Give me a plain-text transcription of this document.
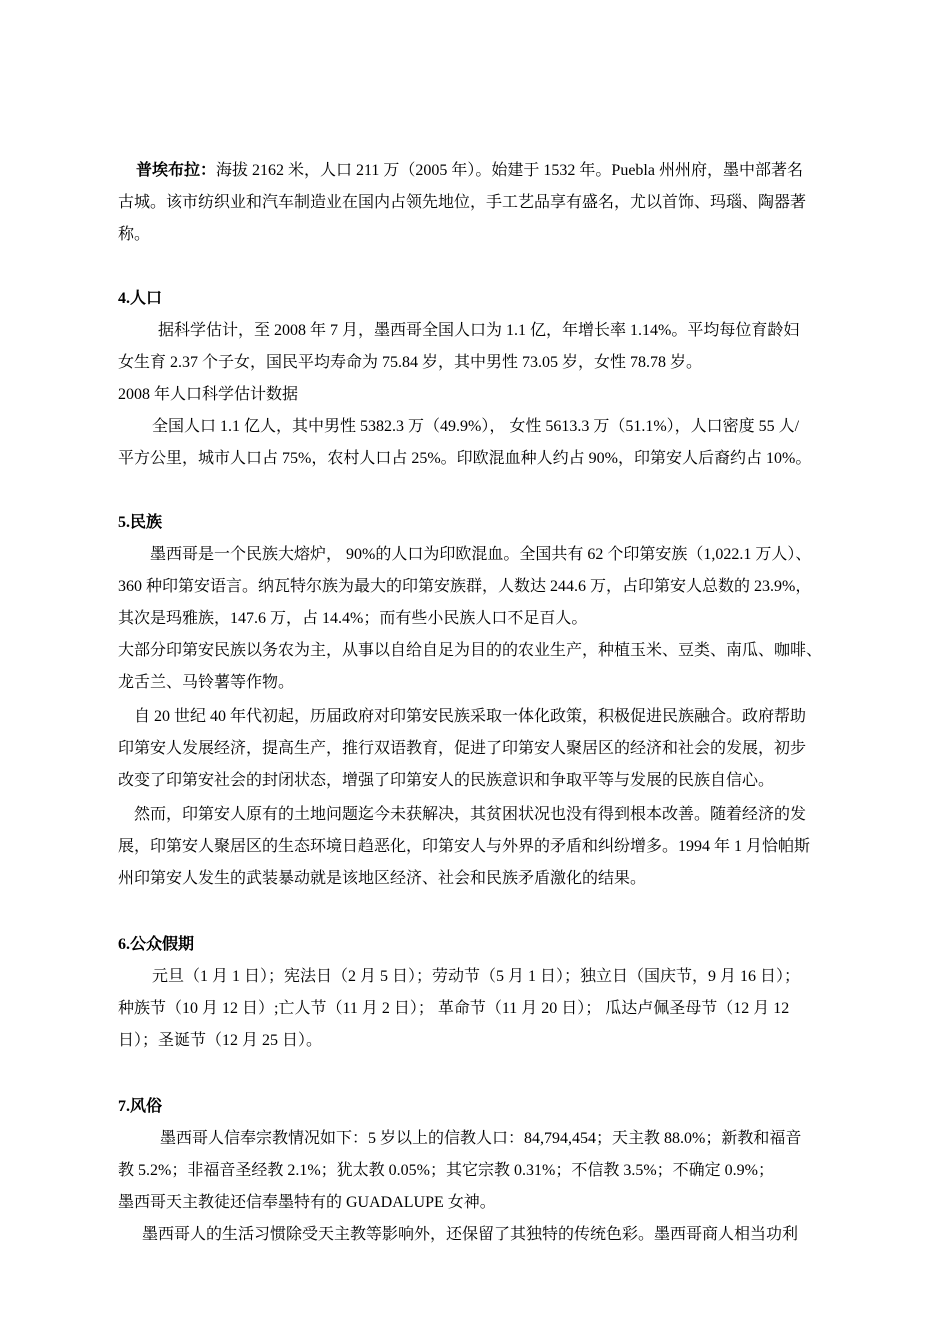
普埃布拉：海拔 2162 米，人口 211 万（2005 年）。始建于 1532 年。Puebla 州州府，墨中部著名
古城。该市纺织业和汽车制造业在国内占领先地位，手工艺品享有盛名，尤以首饰、玛瑙、陶器著
称。
4.人口
据科学估计，至 2008 年 7 月，墨西哥全国人口为 1.1 亿，年增长率 1.14%。平均每位育龄妇
女生育 2.37 个子女，国民平均寿命为 75.84 岁，其中男性 73.05 岁，女性 78.78 岁。
2008 年人口科学估计数据
全国人口 1.1 亿人，其中男性 5382.3 万（49.9%）， 女性 5613.3 万（51.1%），人口密度 55 人/
平方公里，城市人口占 75%，农村人口占 25%。印欧混血种人约占 90%，印第安人后裔约占 10%。
5.民族
墨西哥是一个民族大熔炉， 90%的人口为印欧混血。全国共有 62 个印第安族（1,022.1 万人）、
360 种印第安语言。纳瓦特尔族为最大的印第安族群，人数达 244.6 万，占印第安人总数的 23.9%，
其次是玛雅族，147.6 万，占 14.4%；而有些小民族人口不足百人。
大部分印第安民族以务农为主，从事以自给自足为目的的农业生产，种植玉米、豆类、南瓜、咖啡、
龙舌兰、马铃薯等作物。
自 20 世纪 40 年代初起，历届政府对印第安民族采取一体化政策，积极促进民族融合。政府帮助
印第安人发展经济，提高生产，推行双语教育，促进了印第安人聚居区的经济和社会的发展，初步
改变了印第安社会的封闭状态，增强了印第安人的民族意识和争取平等与发展的民族自信心。
然而，印第安人原有的土地问题迄今未获解决，其贫困状况也没有得到根本改善。随着经济的发
展，印第安人聚居区的生态环境日趋恶化，印第安人与外界的矛盾和纠纷增多。1994 年 1 月恰帕斯
州印第安人发生的武装暴动就是该地区经济、社会和民族矛盾激化的结果。
6.公众假期
元旦（1 月 1 日）；宪法日（2 月 5 日）；劳动节（5 月 1 日）；独立日（国庆节，9 月 16 日）；
种族节（10 月 12 日）;亡人节（11 月 2 日）； 革命节（11 月 20 日）； 瓜达卢佩圣母节（12 月 12
日）；圣诞节（12 月 25 日）。
7.风俗
墨西哥人信奉宗教情况如下：5 岁以上的信教人口：84,794,454；天主教 88.0%；新教和福音
教 5.2%；非福音圣经教 2.1%；犹太教 0.05%；其它宗教 0.31%；不信教 3.5%；不确定 0.9%；
墨西哥天主教徒还信奉墨特有的 GUADALUPE 女神。
墨西哥人的生活习惯除受天主教等影响外，还保留了其独特的传统色彩。墨西哥商人相当功利
